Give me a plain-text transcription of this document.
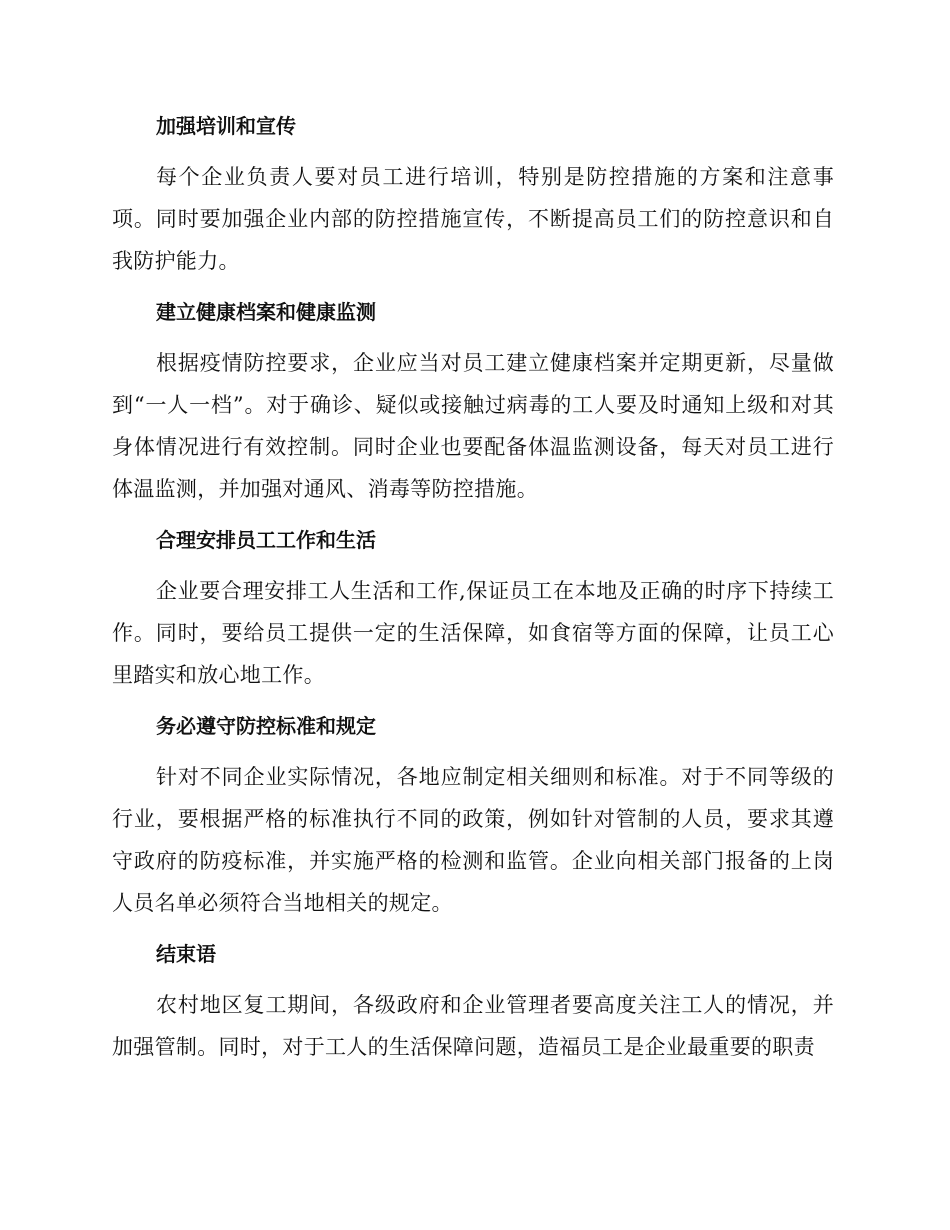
加强培训和宣传

每个企业负责人要对员工进行培训，特别是防控措施的方案和注意事项。同时要加强企业内部的防控措施宣传，不断提高员工们的防控意识和自我防护能力。

建立健康档案和健康监测

根据疫情防控要求，企业应当对员工建立健康档案并定期更新，尽量做到“一人一档”。对于确诊、疑似或接触过病毒的工人要及时通知上级和对其身体情况进行有效控制。同时企业也要配备体温监测设备，每天对员工进行体温监测，并加强对通风、消毒等防控措施。

合理安排员工工作和生活

企业要合理安排工人生活和工作,保证员工在本地及正确的时序下持续工作。同时，要给员工提供一定的生活保障，如食宿等方面的保障，让员工心里踏实和放心地工作。

务必遵守防控标准和规定

针对不同企业实际情况，各地应制定相关细则和标准。对于不同等级的行业，要根据严格的标准执行不同的政策，例如针对管制的人员，要求其遵守政府的防疫标准，并实施严格的检测和监管。企业向相关部门报备的上岗人员名单必须符合当地相关的规定。

结束语

农村地区复工期间，各级政府和企业管理者要高度关注工人的情况，并加强管制。同时，对于工人的生活保障问题，造福员工是企业最重要的职责
